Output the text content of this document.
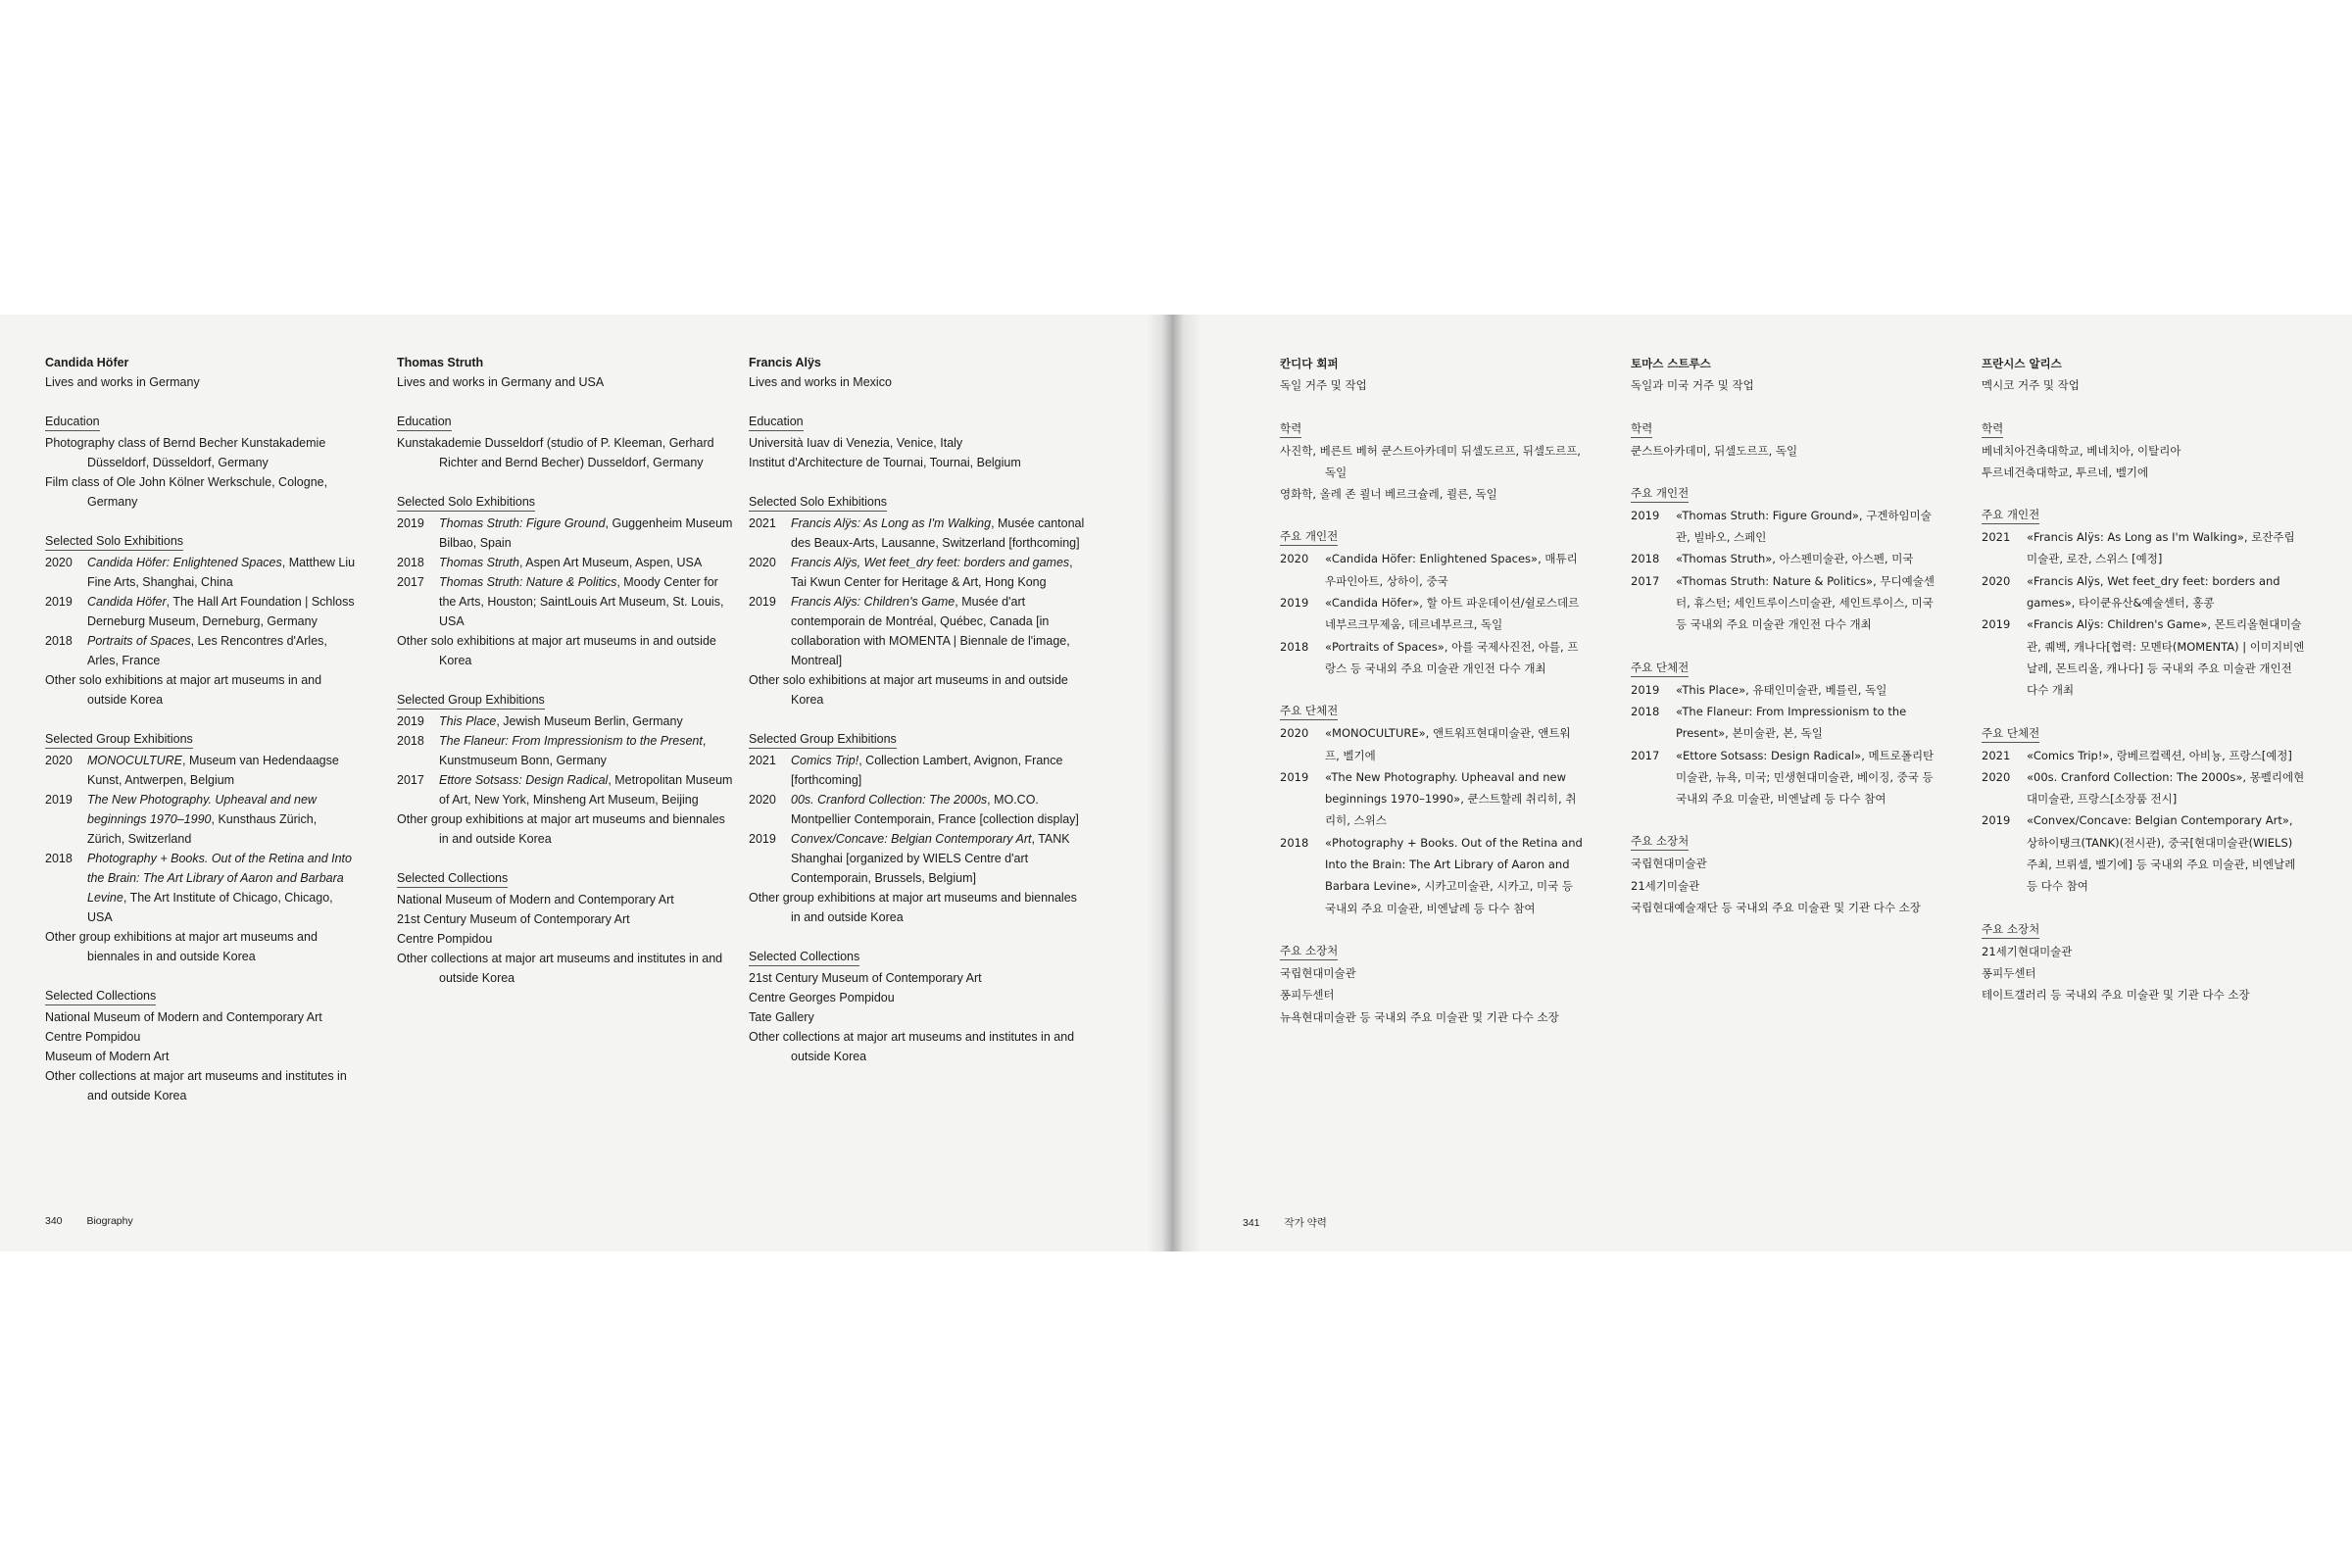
Candida Höfer
Lives and works in Germany
Education
Photography class of Bernd Becher Kunstakademie Düsseldorf, Düsseldorf, Germany
Film class of Ole John Kölner Werkschule, Cologne, Germany
Selected Solo Exhibitions
2020	Candida Höfer: Enlightened Spaces, Matthew Liu Fine Arts, Shanghai, China
2019	Candida Höfer, The Hall Art Foundation | Schloss Derneburg Museum, Derneburg, Germany
2018	Portraits of Spaces, Les Rencontres d'Arles, Arles, France
Other solo exhibitions at major art museums in and outside Korea
Selected Group Exhibitions
2020	MONOCULTURE, Museum van Hedendaagse Kunst, Antwerpen, Belgium
2019	The New Photography. Upheaval and new beginnings 1970–1990, Kunsthaus Zürich, Zürich, Switzerland
2018	Photography + Books. Out of the Retina and Into the Brain: The Art Library of Aaron and Barbara Levine, The Art Institute of Chicago, Chicago, USA
Other group exhibitions at major art museums and biennales in and outside Korea
Selected Collections
National Museum of Modern and Contemporary Art
Centre Pompidou
Museum of Modern Art
Other collections at major art museums and institutes in and outside Korea
Thomas Struth
Lives and works in Germany and USA
Education
Kunstakademie Dusseldorf (studio of P. Kleeman, Gerhard Richter and Bernd Becher) Dusseldorf, Germany
Selected Solo Exhibitions
2019	Thomas Struth: Figure Ground, Guggenheim Museum Bilbao, Spain
2018	Thomas Struth, Aspen Art Museum, Aspen, USA
2017	Thomas Struth: Nature & Politics, Moody Center for the Arts, Houston; SaintLouis Art Museum, St. Louis, USA
Other solo exhibitions at major art museums in and outside Korea
Selected Group Exhibitions
2019	This Place, Jewish Museum Berlin, Germany
2018	The Flaneur: From Impressionism to the Present, Kunstmuseum Bonn, Germany
2017	Ettore Sotsass: Design Radical, Metropolitan Museum of Art, New York, Minsheng Art Museum, Beijing
Other group exhibitions at major art museums and biennales in and outside Korea
Selected Collections
National Museum of Modern and Contemporary Art
21st Century Museum of Contemporary Art
Centre Pompidou
Other collections at major art museums and institutes in and outside Korea
Francis Alÿs
Lives and works in Mexico
Education
Università Iuav di Venezia, Venice, Italy
Institut d'Architecture de Tournai, Tournai, Belgium
Selected Solo Exhibitions
2021	Francis Alÿs: As Long as I'm Walking, Musée cantonal des Beaux-Arts, Lausanne, Switzerland [forthcoming]
2020	Francis Alÿs, Wet feet_dry feet: borders and games, Tai Kwun Center for Heritage & Art, Hong Kong
2019	Francis Alÿs: Children's Game, Musée d'art contemporain de Montréal, Québec, Canada [in collaboration with MOMENTA | Biennale de l'image, Montreal]
Other solo exhibitions at major art museums in and outside Korea
Selected Group Exhibitions
2021	Comics Trip!, Collection Lambert, Avignon, France [forthcoming]
2020	00s. Cranford Collection: The 2000s, MO.CO. Montpellier Contemporain, France [collection display]
2019	Convex/Concave: Belgian Contemporary Art, TANK Shanghai [organized by WIELS Centre d'art Contemporain, Brussels, Belgium]
Other group exhibitions at major art museums and biennales in and outside Korea
Selected Collections
21st Century Museum of Contemporary Art
Centre Georges Pompidou
Tate Gallery
Other collections at major art museums and institutes in and outside Korea
340 Biography
칸디다 회퍼
독일 거주 및 작업
학력
사진학, 베른트 베허 쿤스트아카데미 뒤셀도르프, 뒤셀도르프, 독일
영화학, 올레 존 쾰너 베르크슐레, 쾰른, 독일
주요 개인전
2020	«Candida Höfer: Enlightened Spaces», 매튜리우파인아트, 상하이, 중국
2019	«Candida Höfer», 할 아트 파운데이션/쉴로스데르네부르크무제움, 데르네부르크, 독일
2018	«Portraits of Spaces», 아를 국제사진전, 아를, 프랑스 등 국내외 주요 미술관 개인전 다수 개최
주요 단체전
2020	«MONOCULTURE», 앤트워프현대미술관, 앤트워프, 벨기에
2019	«The New Photography. Upheaval and new beginnings 1970–1990», 쿤스트할레 취리히, 취리히, 스위스
2018	«Photography + Books. Out of the Retina and Into the Brain: The Art Library of Aaron and Barbara Levine», 시카고미술관, 시카고, 미국 등 국내외 주요 미술관, 비엔날레 등 다수 참여
주요 소장처
국립현대미술관
퐁피두센터
뉴욕현대미술관 등 국내외 주요 미술관 및 기관 다수 소장
토마스 스트루스
독일과 미국 거주 및 작업
학력
쿤스트아카데미, 뒤셀도르프, 독일
주요 개인전
2019	«Thomas Struth: Figure Ground», 구겐하임미술관, 빌바오, 스페인
2018	«Thomas Struth», 아스펜미술관, 아스펜, 미국
2017	«Thomas Struth: Nature & Politics», 무디예술센터, 휴스턴; 세인트루이스미술관, 세인트루이스, 미국 등 국내외 주요 미술관 개인전 다수 개최
주요 단체전
2019	«This Place», 유태인미술관, 베를린, 독일
2018	«The Flaneur: From Impressionism to the Present», 본미술관, 본, 독일
2017	«Ettore Sotsass: Design Radical», 메트로폴리탄미술관, 뉴욕, 미국; 민생현대미술관, 베이징, 중국 등 국내외 주요 미술관, 비엔날레 등 다수 참여
주요 소장처
국립현대미술관
21세기미술관
국립현대예술재단 등 국내외 주요 미술관 및 기관 다수 소장
프란시스 알리스
멕시코 거주 및 작업
학력
베네치아건축대학교, 베네치아, 이탈리아
투르네건축대학교, 투르네, 벨기에
주요 개인전
2021	«Francis Alÿs: As Long as I'm Walking», 로잔주립미술관, 로잔, 스위스 [예정]
2020	«Francis Alÿs, Wet feet_dry feet: borders and games», 타이쿤유산&예술센터, 홍콩
2019	«Francis Alÿs: Children's Game», 몬트리올현대미술관, 퀘벡, 캐나다[협력: 모멘타(MOMENTA) | 이미지비엔날레, 몬트리올, 캐나다] 등 국내외 주요 미술관 개인전 다수 개최
주요 단체전
2021	«Comics Trip!», 랑베르컬렉션, 아비뇽, 프랑스[예정]
2020	«00s. Cranford Collection: The 2000s», 몽펠리에현대미술관, 프랑스[소장품 전시]
2019	«Convex/Concave: Belgian Contemporary Art», 상하이탱크(TANK)(전시관), 중국[현대미술관(WIELS) 주최, 브뤼셀, 벨기에] 등 국내외 주요 미술관, 비엔날레 등 다수 참여
주요 소장처
21세기현대미술관
퐁피두센터
테이트갤러리 등 국내외 주요 미술관 및 기관 다수 소장
341 작가 약력
